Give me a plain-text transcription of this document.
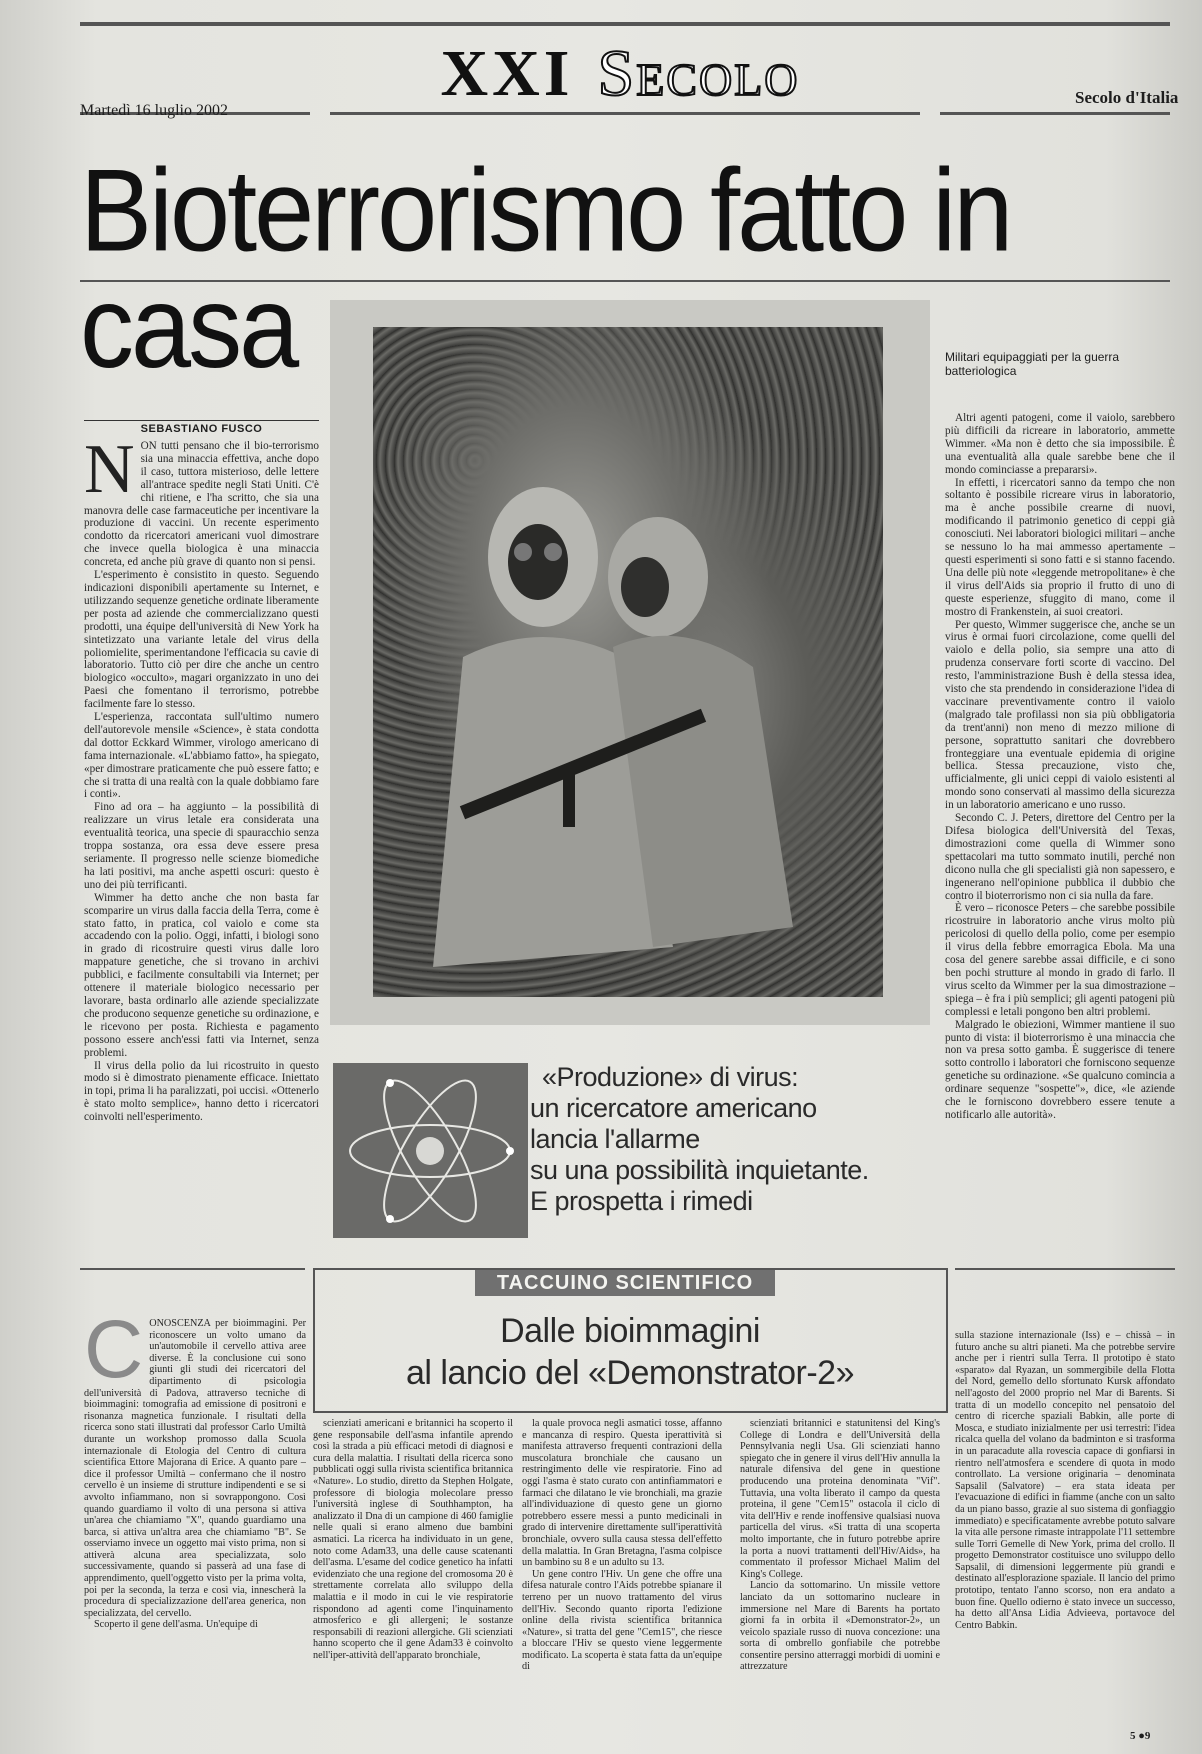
XXI Secolo
Martedì 16 luglio 2002
Secolo d'Italia
Bioterrorismo fatto in casa	Militari equipaggiati per la guerra batteriologica
SEBASTIANO FUSCO
N ON tutti pensano che il bio-terrorismo sia una minaccia effettiva, anche dopo il caso, tuttora misterioso, delle lettere all'antrace spedite negli Stati Uniti. C'è chi ritiene, e l'ha scritto, che sia una manovra delle case farmaceutiche per incentivare la produzione di vaccini. Un recente esperimento condotto da ricercatori americani vuol dimostrare che invece quella biologica è una minaccia concreta, ed anche più grave di quanto non si pensi.

L'esperimento è consistito in questo. Seguendo indicazioni disponibili apertamente su Internet, e utilizzando sequenze genetiche ordinate liberamente per posta ad aziende che commercializzano questi prodotti, una équipe dell'università di New York ha sintetizzato una variante letale del virus della poliomielite, sperimentandone l'efficacia su cavie di laboratorio. Tutto ciò per dire che anche un centro biologico «occulto», magari organizzato in uno dei Paesi che fomentano il terrorismo, potrebbe facilmente fare lo stesso.

L'esperienza, raccontata sull'ultimo numero dell'autorevole mensile «Science», è stata condotta dal dottor Eckkard Wimmer, virologo americano di fama internazionale. «L'abbiamo fatto», ha spiegato, «per dimostrare praticamente che può essere fatto; e che si tratta di una realtà con la quale dobbiamo fare i conti».

Fino ad ora – ha aggiunto – la possibilità di realizzare un virus letale era considerata una eventualità teorica, una specie di spauracchio senza troppa sostanza, ora essa deve essere presa seriamente. Il progresso nelle scienze biomediche ha lati positivi, ma anche aspetti oscuri: questo è uno dei più terrificanti.

Wimmer ha detto anche che non basta far scomparire un virus dalla faccia della Terra, come è stato fatto, in pratica, col vaiolo e come sta accadendo con la polio. Oggi, infatti, i biologi sono in grado di ricostruire questi virus dalle loro mappature genetiche, che si trovano in archivi pubblici, e facilmente consultabili via Internet; per ottenere il materiale biologico necessario per lavorare, basta ordinarlo alle aziende specializzate che producono sequenze genetiche su ordinazione, e le ricevono per posta. Richiesta e pagamento possono essere anch'essi fatti via Internet, senza problemi.

Il virus della polio da lui ricostruito in questo modo si è dimostrato pienamente efficace. Iniettato in topi, prima li ha paralizzati, poi uccisi. «Ottenerlo è stato molto semplice», hanno detto i ricercatori coinvolti nell'esperimento.

Altri agenti patogeni, come il vaiolo, sarebbero più difficili da ricreare in laboratorio, ammette Wimmer. «Ma non è detto che sia impossibile. È una eventualità alla quale sarebbe bene che il mondo cominciasse a prepararsi».

In effetti, i ricercatori sanno da tempo che non soltanto è possibile ricreare virus in laboratorio, ma è anche possibile crearne di nuovi, modificando il patrimonio genetico di ceppi già conosciuti. Nei laboratori biologici militari – anche se nessuno lo ha mai ammesso apertamente – questi esperimenti si sono fatti e si stanno facendo. Una delle più note «leggende metropolitane» è che il virus dell'Aids sia proprio il frutto di uno di queste esperienze, sfuggito di mano, come il mostro di Frankenstein, ai suoi creatori.

Per questo, Wimmer suggerisce che, anche se un virus è ormai fuori circolazione, come quelli del vaiolo e della polio, sia sempre una atto di prudenza conservare forti scorte di vaccino. Del resto, l'amministrazione Bush è della stessa idea, visto che sta prendendo in considerazione l'idea di vaccinare preventivamente contro il vaiolo (malgrado tale profilassi non sia più obbligatoria da trent'anni) non meno di mezzo milione di persone, soprattutto sanitari che dovrebbero fronteggiare una eventuale epidemia di origine bellica. Stessa precauzione, visto che, ufficialmente, gli unici ceppi di vaiolo esistenti al mondo sono conservati al massimo della sicurezza in un laboratorio americano e uno russo.

Secondo C. J. Peters, direttore del Centro per la Difesa biologica dell'Università del Texas, dimostrazioni come quella di Wimmer sono spettacolari ma tutto sommato inutili, perché non dicono nulla che gli specialisti già non sapessero, e ingenerano nell'opinione pubblica il dubbio che contro il bioterrorismo non ci sia nulla da fare.

È vero – riconosce Peters – che sarebbe possibile ricostruire in laboratorio anche virus molto più pericolosi di quello della polio, come per esempio il virus della febbre emorragica Ebola. Ma una cosa del genere sarebbe assai difficile, e ci sono ben pochi strutture al mondo in grado di farlo. Il virus scelto da Wimmer per la sua dimostrazione – spiega – è fra i più semplici; gli agenti patogeni più complessi e letali pongono ben altri problemi.

Malgrado le obiezioni, Wimmer mantiene il suo punto di vista: il bioterrorismo è una minaccia che non va presa sotto gamba. È suggerisce di tenere sotto controllo i laboratori che forniscono sequenze genetiche su ordinazione. «Se qualcuno comincia a ordinare sequenze "sospette"», dice, «le aziende che le forniscono dovrebbero essere tenute a notificarlo alle autorità».

«Produzione» di virus:
un ricercatore americano
lancia l'allarme
su una possibilità inquietante.
E prospetta i rimedi
TACCUINO SCIENTIFICO
Dalle bioimmagini
al lancio del «Demonstrator-2»
C ONOSCENZA per bioimmagini. Per riconoscere un volto umano da un'automobile il cervello attiva aree diverse. È la conclusione cui sono giunti gli studi dei ricercatori del dipartimento di psicologia dell'università di Padova, attraverso tecniche di bioimmagini: tomografia ad emissione di positroni e risonanza magnetica funzionale. I risultati della ricerca sono stati illustrati dal professor Carlo Umiltà durante un workshop promosso dalla Scuola internazionale di Etologia del Centro di cultura scientifica Ettore Majorana di Erice. A quanto pare – dice il professor Umiltà – confermano che il nostro cervello è un insieme di strutture indipendenti e se si avvolto infiammano, non si sovrappongono. Così quando guardiamo il volto di una persona si attiva un'area che chiamiamo "X", quando guardiamo una barca, si attiva un'altra area che chiamiamo "B". Se osserviamo invece un oggetto mai visto prima, non si attiverà alcuna area specializzata, solo successivamente, quando si passerà ad una fase di apprendimento, quell'oggetto visto per la prima volta, poi per la seconda, la terza e così via, innescherà la procedura di specializzazione dell'area generica, non specializzata, del cervello.

Scoperto il gene dell'asma. Un'equipe di

scienziati americani e britannici ha scoperto il gene responsabile dell'asma infantile aprendo così la strada a più efficaci metodi di diagnosi e cura della malattia. I risultati della ricerca sono pubblicati oggi sulla rivista scientifica britannica «Nature». Lo studio, diretto da Stephen Holgate, professore di biologia molecolare presso l'università inglese di Southhampton, ha analizzato il Dna di un campione di 460 famiglie nelle quali si erano almeno due bambini asmatici. La ricerca ha individuato in un gene, noto come Adam33, una delle cause scatenanti dell'asma. L'esame del codice genetico ha infatti evidenziato che una regione del cromosoma 20 è strettamente correlata allo sviluppo della malattia e il modo in cui le vie respiratorie rispondono ad agenti come l'inquinamento atmosferico e gli allergeni; le sostanze responsabili di reazioni allergiche. Gli scienziati hanno scoperto che il gene Adam33 è coinvolto nell'iper-attività dell'apparato bronchiale,

la quale provoca negli asmatici tosse, affanno e mancanza di respiro. Questa iperattività si manifesta attraverso frequenti contrazioni della muscolatura bronchiale che causano un restringimento delle vie respiratorie. Fino ad oggi l'asma è stato curato con antinfiammatori e farmaci che dilatano le vie bronchiali, ma grazie all'individuazione di questo gene un giorno potrebbero essere messi a punto medicinali in grado di intervenire direttamente sull'iperattività bronchiale, ovvero sulla causa stessa dell'effetto della malattia. In Gran Bretagna, l'asma colpisce un bambino su 8 e un adulto su 13.

Un gene contro l'Hiv. Un gene che offre una difesa naturale contro l'Aids potrebbe spianare il terreno per un nuovo trattamento del virus dell'Hiv. Secondo quanto riporta l'edizione online della rivista scientifica britannica «Nature», si tratta del gene "Cem15", che riesce a bloccare l'Hiv se questo viene leggermente modificato. La scoperta è stata fatta da un'equipe di

scienziati britannici e statunitensi del King's College di Londra e dell'Università della Pennsylvania negli Usa. Gli scienziati hanno spiegato che in genere il virus dell'Hiv annulla la naturale difensiva del gene in questione producendo una proteina denominata "Vif". Tuttavia, una volta liberato il campo da questa proteina, il gene "Cem15" ostacola il ciclo di vita dell'Hiv e rende inoffensive qualsiasi nuova particella del virus. «Si tratta di una scoperta molto importante, che in futuro potrebbe aprire la porta a nuovi trattamenti dell'Hiv/Aids», ha commentato il professor Michael Malim del King's College.

Lancio da sottomarino. Un missile vettore lanciato da un sottomarino nucleare in immersione nel Mare di Barents ha portato giorni fa in orbita il «Demonstrator-2», un veicolo spaziale russo di nuova concezione: una sorta di ombrello gonfiabile che potrebbe consentire persino atterraggi morbidi di uomini e attrezzature

sulla stazione internazionale (Iss) e – chissà – in futuro anche su altri pianeti. Ma che potrebbe servire anche per i rientri sulla Terra. Il prototipo è stato «sparato» dal Ryazan, un sommergibile della Flotta del Nord, gemello dello sfortunato Kursk affondato nell'agosto del 2000 proprio nel Mar di Barents. Si tratta di un modello concepito nel pensatoio del centro di ricerche spaziali Babkin, alle porte di Mosca, e studiato inizialmente per usi terrestri: l'idea ricalca quella del volano da badminton e si trasforma in un paracadute alla rovescia capace di gonfiarsi in rientro nell'atmosfera e scendere di quota in modo controllato. La versione originaria – denominata Sapsalil (Salvatore) – era stata ideata per l'evacuazione di edifici in fiamme (anche con un salto da un piano basso, grazie al suo sistema di gonfiaggio immediato) e specificatamente avrebbe potuto salvare la vita alle persone rimaste intrappolate l'11 settembre sulle Torri Gemelle di New York, prima del crollo. Il progetto Demonstrator costituisce uno sviluppo dello Sapsalil, di dimensioni leggermente più grandi e destinato all'esplorazione spaziale. Il lancio del primo prototipo, tentato l'anno scorso, non era andato a buon fine. Quello odierno è stato invece un successo, ha detto all'Ansa Lidia Advieeva, portavoce del Centro Babkin.

5 ●9
